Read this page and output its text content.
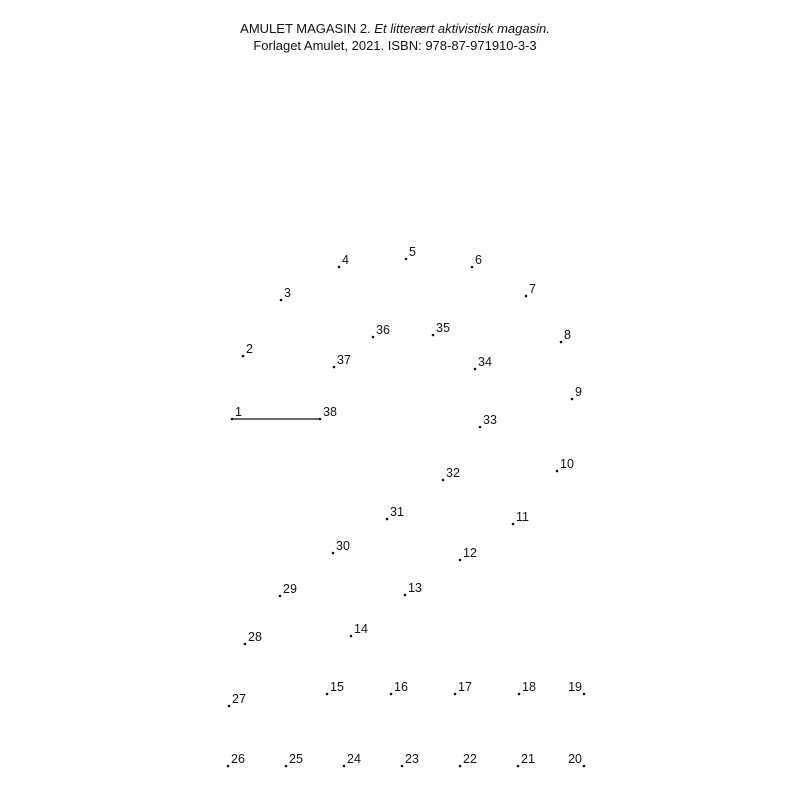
AMULET MAGASIN 2. Et litterært aktivistisk magasin.
Forlaget Amulet, 2021. ISBN: 978-87-971910-3-3
1
2
3
4
5
6
7
8
9
10
11
12
13
14
15	16	17	18	19
20
21
22
23
24
25
26
27
28
29
30
31
32
33
34
35
36
37
38
